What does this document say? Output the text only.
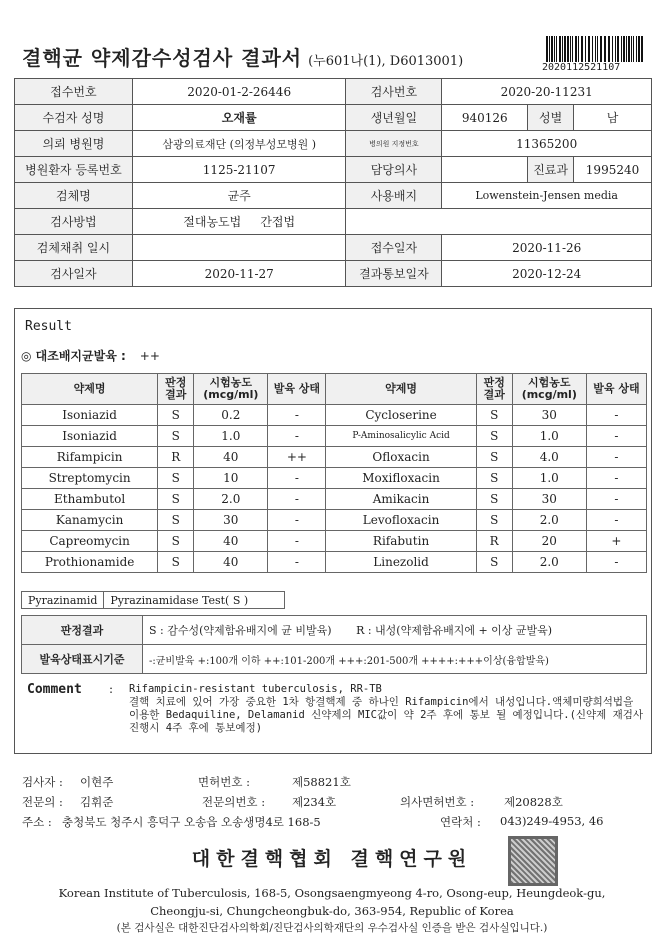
결핵균 약제감수성검사 결과서 (누601나(1), D6013001)	2020112521107
접수번호	2020-01-2-26446	검사번호	2020-20-11231		
수검자 성명	오재률	생년월일	940126	성별	남
의뢰 병원명	삼광의료재단 (의정부성모병원 )	병의원 지정번호	11365200		
병원환자 등록번호	1125-21107	담당의사		진료과	1995240
검체명	균주	사용배지	Lowenstein-Jensen media		
검사방법	절대농도법 간접법				
검체채취 일시		접수일자	2020-11-26		
검사일자	2020-11-27	결과통보일자	2020-12-24		
Result
◎ 대조배지균발육 : ++
약제명	판정 결과	시험농도 (mcg/ml)	발육 상태	약제명	판정 결과	시험농도 (mcg/ml)	발육 상태
Isoniazid	S	0.2	-	Cycloserine	S	30	-
Isoniazid	S	1.0	-	P-Aminosalicylic Acid	S	1.0	-
Rifampicin	R	40	++	Ofloxacin	S	4.0	-
Streptomycin	S	10	-	Moxifloxacin	S	1.0	-
Ethambutol	S	2.0	-	Amikacin	S	30	-
Kanamycin	S	30	-	Levofloxacin	S	2.0	-
Capreomycin	S	40	-	Rifabutin	R	20	+
Prothionamide	S	40	-	Linezolid	S	2.0	-
Pyrazinamid	Pyrazinamidase Test( S )
판정결과	S : 감수성(약제함유배지에 균 비발육) R : 내성(약제함유배지에 + 이상 균발육)
발육상태표시기준	-:균비발육 +:100개 이하 ++:101-200개 +++:201-500개 ++++:+++이상(융합발육)
Comment : Rifampicin-resistant tuberculosis, RR-TB
결핵 치료에 있어 가장 중요한 1차 항결핵제 중 하나인 Rifampicin에서 내성입니다.액체미량희석법을 이용한 Bedaquiline, Delamanid 신약제의 MIC값이 약 2주 후에 통보 될 예정입니다.(신약제 재검사 진행시 4주 후에 통보예정)
검사자 : 이현주	면허번호 :	제58821호
전문의 : 김휘준	전문의번호 : 제234호	의사면허번호 :	제20828호
주소 : 충청북도 청주시 흥덕구 오송읍 오송생명4로 168-5	연락처 : 043)249-4953, 46
대한결핵협회 결핵연구원
Korean Institute of Tuberculosis, 168-5, Osongsaengmyeong 4-ro, Osong-eup, Heungdeok-gu,
Cheongju-si, Chungcheongbuk-do, 363-954, Republic of Korea
(본 검사실은 대한진단검사의학회/진단검사의학재단의 우수검사실 인증을 받은 검사실입니다.)
